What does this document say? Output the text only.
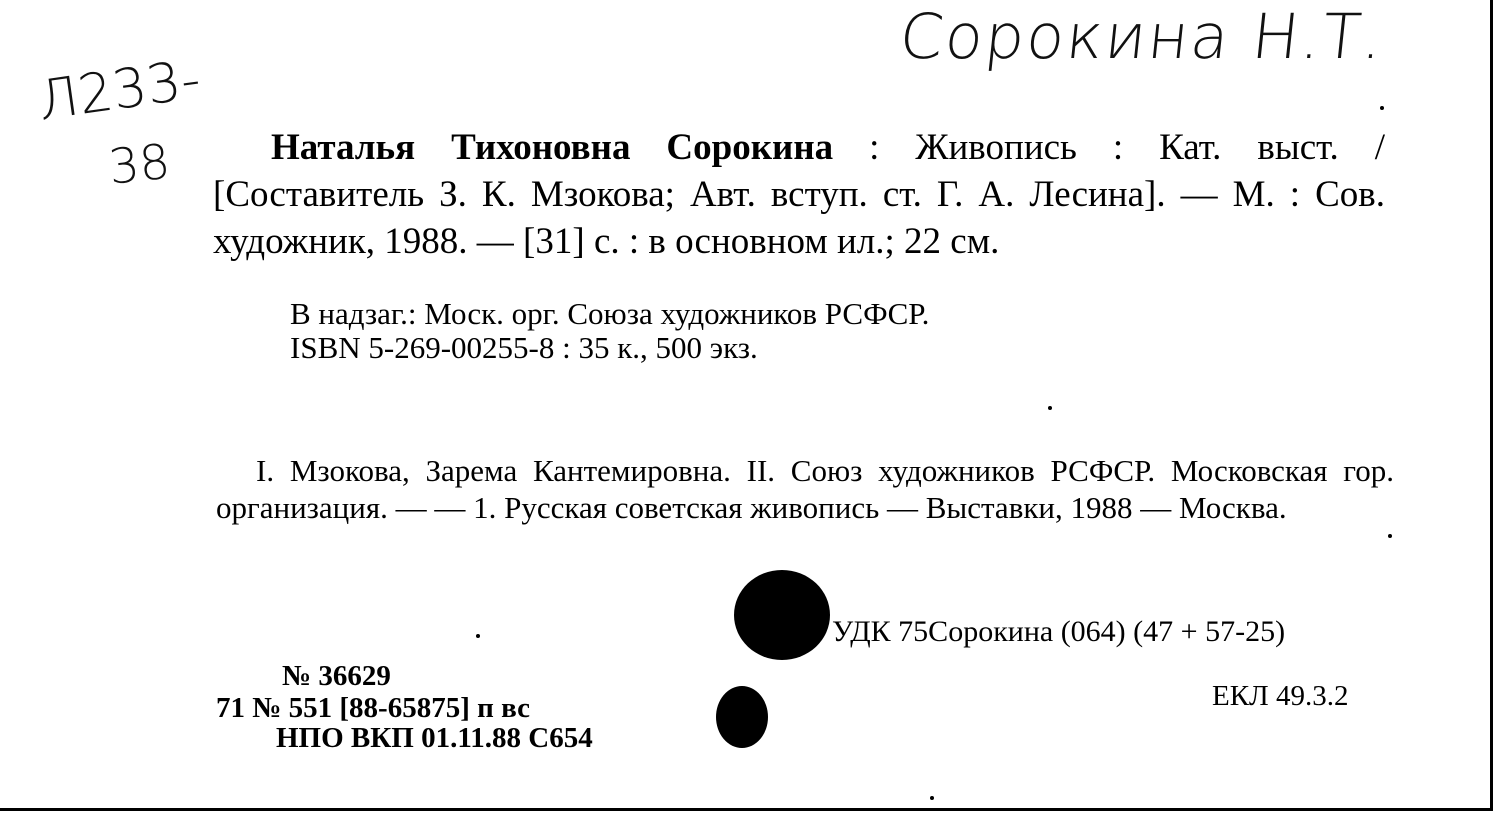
Сорокина Н.Т.
Л233-
38	Наталья Тихоновна Сорокина : Живопись : Кат. выст. / [Составитель З. К. Мзокова; Авт. вступ. ст. Г. А. Лесина]. — М. : Сов. художник, 1988. — [31] с. : в основном ил.; 22 см.
В надзаг.: Моск. орг. Союза художников РСФСР.
ISBN 5-269-00255-8 : 35 к., 500 экз.
I. Мзокова, Зарема Кантемировна. II. Союз художников РСФСР. Московская гор. организация. — — 1. Русская советская живопись — Выставки, 1988 — Москва.
УДК 75Сорокина (064) (47 + 57-25)
ЕКЛ 49.3.2
№ 36629
71 № 551 [88-65875] п вс
НПО ВКП 01.11.88 С654
